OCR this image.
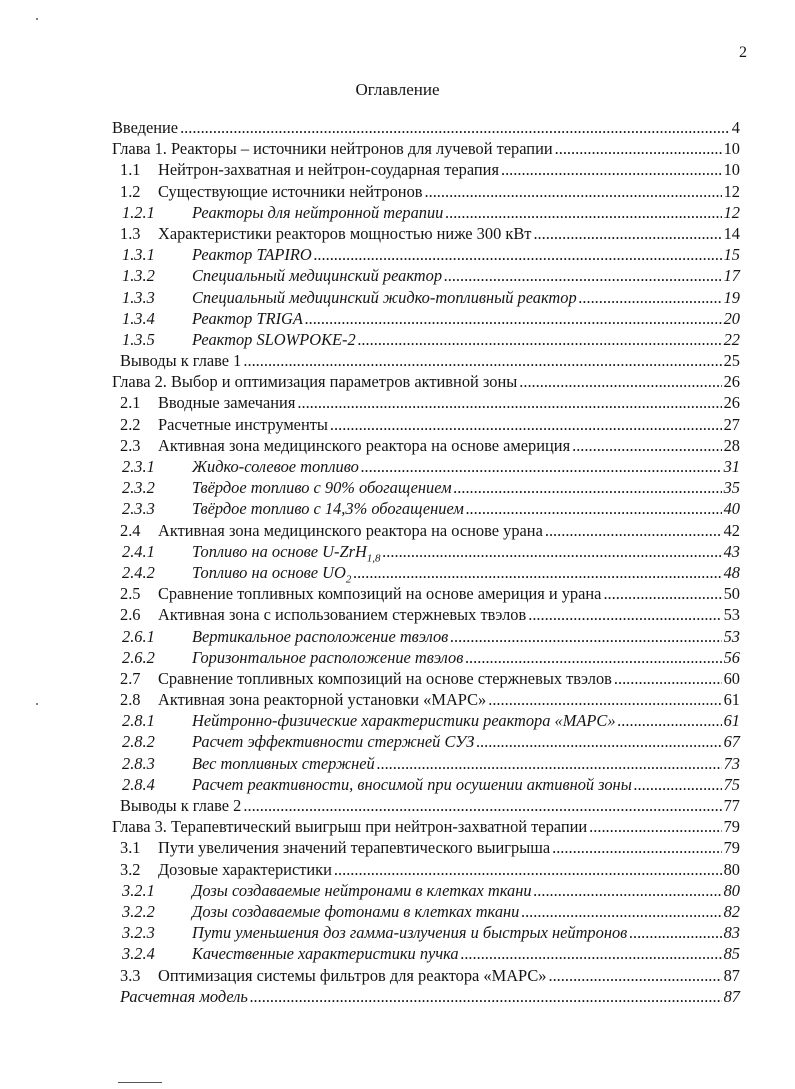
2
Оглавление
Введение .....	4
Глава 1. Реакторы – источники нейтронов для лучевой терапии .....	10
1.1	Нейтрон-захватная и нейтрон-соударная терапия .....	10
1.2	Существующие источники нейтронов .....	12
1.2.1	Реакторы для нейтронной терапии .....	12
1.3	Характеристики реакторов мощностью ниже 300 кВт .....	14
1.3.1	Реактор TAPIRO .....	15
1.3.2	Специальный медицинский реактор .....	17
1.3.3	Специальный медицинский жидко-топливный реактор .....	19
1.3.4	Реактор TRIGA .....	20
1.3.5	Реактор SLOWPOKE-2 .....	22
Выводы к главе 1 .....	25
Глава 2. Выбор и оптимизация параметров активной зоны .....	26
2.1	Вводные замечания .....	26
2.2	Расчетные инструменты .....	27
2.3	Активная зона медицинского реактора на основе америция .....	28
2.3.1	Жидко-солевое топливо .....	31
2.3.2	Твёрдое топливо с 90% обогащением .....	35
2.3.3	Твёрдое топливо с 14,3% обогащением .....	40
2.4	Активная зона медицинского реактора на основе урана .....	42
2.4.1	Топливо на основе U-ZrH$_{1,8}$ .....	43
2.4.2	Топливо на основе $UO_2$ .....	48
2.5	Сравнение топливных композиций на основе америция и урана .....	50
2.6	Активная зона с использованием стержневых твэлов .....	53
2.6.1	Вертикальное расположение твэлов .....	53
2.6.2	Горизонтальное расположение твэлов .....	56
2.7	Сравнение топливных композиций на основе стержневых твэлов .....	60
2.8	Активная зона реакторной установки «МАРС» .....	61
2.8.1	Нейтронно-физические характеристики реактора «МАРС» .....	61
2.8.2	Расчет эффективности стержней СУЗ .....	67
2.8.3	Вес топливных стержней .....	73
2.8.4	Расчет реактивности, вносимой при осушении активной зоны .....	75
Выводы к главе 2 .....	77
Глава 3. Терапевтический выигрыш при нейтрон-захватной терапии .....	79
3.1	Пути увеличения значений терапевтического выигрыша .....	79
3.2	Дозовые характеристики .....	80
3.2.1	Дозы создаваемые нейтронами в клетках ткани .....	80
3.2.2	Дозы создаваемые фотонами в клетках ткани .....	82
3.2.3	Пути уменьшения доз гамма-излучения и быстрых нейтронов .....	83
3.2.4	Качественные характеристики пучка .....	85
3.3	Оптимизация системы фильтров для реактора «МАРС» .....	87
Расчетная модель .....	87
